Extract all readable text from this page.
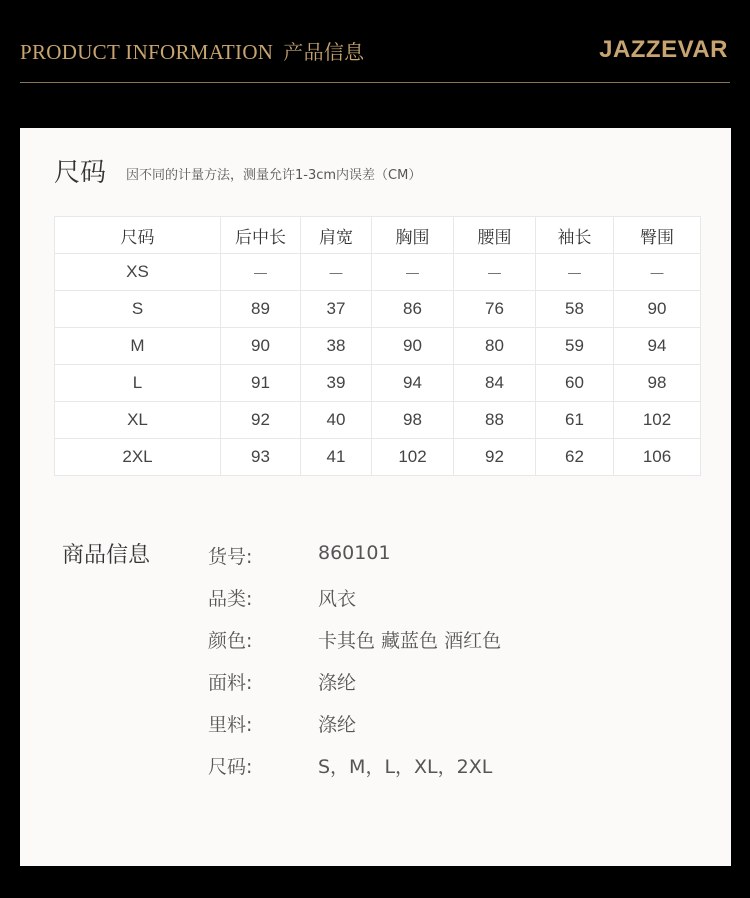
PRODUCT INFORMATION 产品信息	JAZZEVAR
尺码 因不同的计量方法，测量允许1-3cm内误差（CM）
尺码	后中长	肩宽	胸围	腰围	袖长	臀围
XS	－	－	－	－	－	－
S	89	37	86	76	58	90
M	90	38	90	80	59	94
L	91	39	94	84	60	98
XL	92	40	98	88	61	102
2XL	93	41	102	92	62	106
商品信息	货号:	860101
品类:	风衣
颜色:	卡其色 藏蓝色 酒红色
面料:	涤纶
里料:	涤纶
尺码:	S，M，L，XL，2XL
